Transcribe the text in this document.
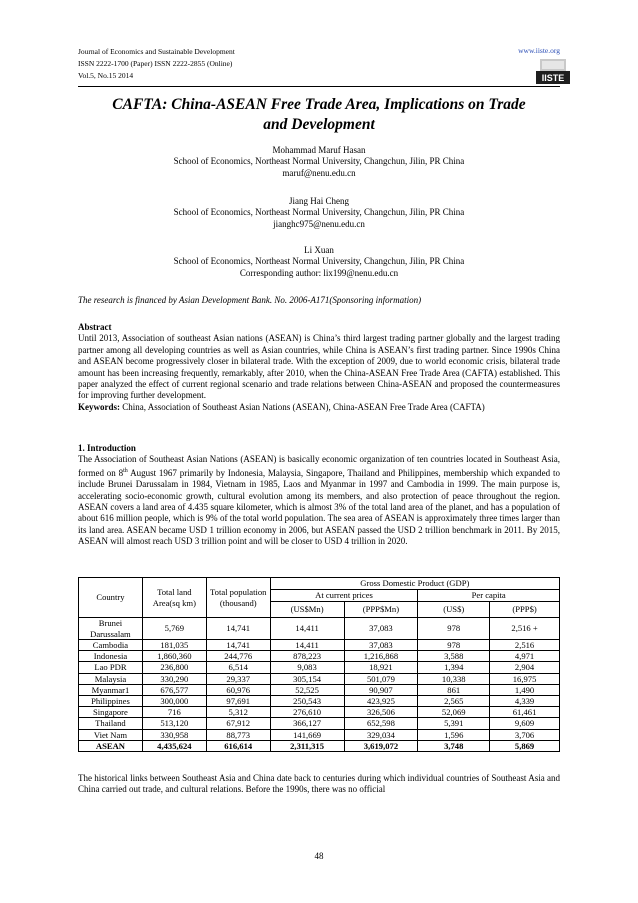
Journal of Economics and Sustainable Development
ISSN 2222-1700 (Paper) ISSN 2222-2855 (Online)
Vol.5, No.15 2014
www.iiste.org
IISTE
CAFTA: China-ASEAN Free Trade Area, Implications on Trade
and Development
Mohammad Maruf Hasan
School of Economics, Northeast Normal University, Changchun, Jilin, PR China
maruf@nenu.edu.cn
Jiang Hai Cheng
School of Economics, Northeast Normal University, Changchun, Jilin, PR China
jianghc975@nenu.edu.cn
Li Xuan
School of Economics, Northeast Normal University, Changchun, Jilin, PR China
Corresponding author: lix199@nenu.edu.cn
The research is financed by Asian Development Bank. No. 2006-A171(Sponsoring information)

Abstract

Until 2013, Association of southeast Asian nations (ASEAN) is China’s third largest trading partner globally and the largest trading partner among all developing countries as well as Asian countries, while China is ASEAN’s first trading partner. Since 1990s China and ASEAN become progressively closer in bilateral trade. With the exception of 2009, due to world economic crisis, bilateral trade amount has been increasing frequently, remarkably, after 2010, when the China-ASEAN Free Trade Area (CAFTA) established. This paper analyzed the effect of current regional scenario and trade relations between China-ASEAN and proposed the countermeasures for improving further development.

Keywords: China, Association of Southeast Asian Nations (ASEAN), China-ASEAN Free Trade Area (CAFTA)

1. Introduction

The Association of Southeast Asian Nations (ASEAN) is basically economic organization of ten countries located in Southeast Asia, formed on 8th August 1967 primarily by Indonesia, Malaysia, Singapore, Thailand and Philippines, membership which expanded to include Brunei Darussalam in 1984, Vietnam in 1985, Laos and Myanmar in 1997 and Cambodia in 1999. The main purpose is, accelerating socio-economic growth, cultural evolution among its members, and also protection of peace throughout the region. ASEAN covers a land area of 4.435 square kilometer, which is almost 3% of the total land area of the planet, and has a population of about 616 million people, which is 9% of the total world population. The sea area of ASEAN is approximately three times larger than its land area. ASEAN became USD 1 trillion economy in 2006, but ASEAN passed the USD 2 trillion benchmark in 2011. By 2015, ASEAN will almost reach USD 3 trillion point and will be closer to USD 4 trillion in 2020.

Country	Total land Area(sq km)	Total population (thousand)	Gross Domestic Product (GDP)			
			At current prices		Per capita	
			(US$Mn)	(PPP$Mn)	(US$)	(PPP$)
Brunei Darussalam	5,769	14,741	14,411	37,083	978	2,516 +
Cambodia	181,035	14,741	14,411	37,083	978	2,516
Indonesia	1,860,360	244,776	878,223	1,216,868	3,588	4,971
Lao PDR	236,800	6,514	9,083	18,921	1,394	2,904
Malaysia	330,290	29,337	305,154	501,079	10,338	16,975
Myanmar1	676,577	60,976	52,525	90,907	861	1,490
Philippines	300,000	97,691	250,543	423,925	2,565	4,339
Singapore	716	5,312	276,610	326,506	52,069	61,461
Thailand	513,120	67,912	366,127	652,598	5,391	9,609
Viet Nam	330,958	88,773	141,669	329,034	1,596	3,706
ASEAN	4,435,624	616,614	2,311,315	3,619,072	3,748	5,869
The historical links between Southeast Asia and China date back to centuries during which individual countries of Southeast Asia and China carried out trade, and cultural relations. Before the 1990s, there was no official
48
